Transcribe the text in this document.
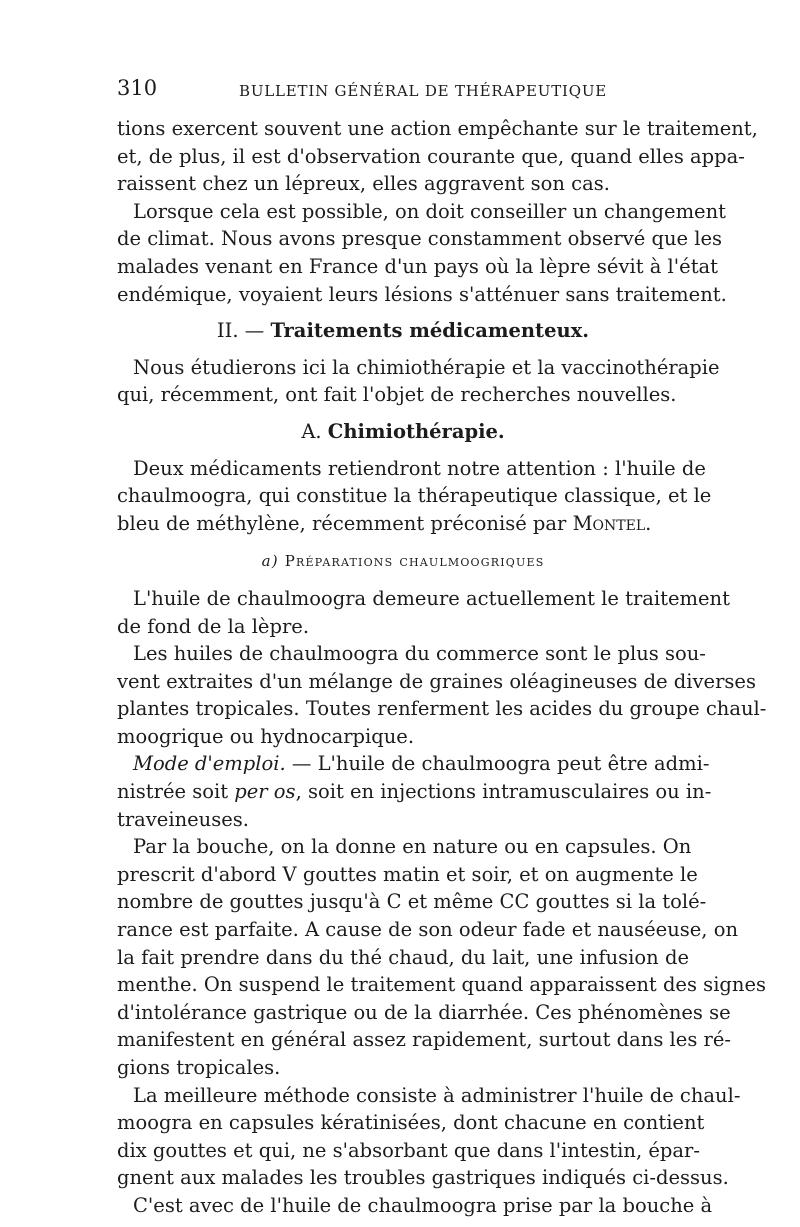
310	BULLETIN GÉNÉRAL DE THÉRAPEUTIQUE
tions exercent souvent une action empêchante sur le traitement,
et, de plus, il est d'observation courante que, quand elles appa-
raissent chez un lépreux, elles aggravent son cas.
Lorsque cela est possible, on doit conseiller un changement
de climat. Nous avons presque constamment observé que les
malades venant en France d'un pays où la lèpre sévit à l'état
endémique, voyaient leurs lésions s'atténuer sans traitement.
II. — Traitements médicamenteux.
Nous étudierons ici la chimiothérapie et la vaccinothérapie
qui, récemment, ont fait l'objet de recherches nouvelles.
A. Chimiothérapie.
Deux médicaments retiendront notre attention : l'huile de
chaulmoogra, qui constitue la thérapeutique classique, et le
bleu de méthylène, récemment préconisé par Montel.
a) Préparations chaulmoogriques
L'huile de chaulmoogra demeure actuellement le traitement
de fond de la lèpre.
Les huiles de chaulmoogra du commerce sont le plus sou-
vent extraites d'un mélange de graines oléagineuses de diverses
plantes tropicales. Toutes renferment les acides du groupe chaul-
moogrique ou hydnocarpique.
Mode d'emploi. — L'huile de chaulmoogra peut être admi-
nistrée soit per os, soit en injections intramusculaires ou in-
traveineuses.
Par la bouche, on la donne en nature ou en capsules. On
prescrit d'abord V gouttes matin et soir, et on augmente le
nombre de gouttes jusqu'à C et même CC gouttes si la tolé-
rance est parfaite. A cause de son odeur fade et nauséeuse, on
la fait prendre dans du thé chaud, du lait, une infusion de
menthe. On suspend le traitement quand apparaissent des signes
d'intolérance gastrique ou de la diarrhée. Ces phénomènes se
manifestent en général assez rapidement, surtout dans les ré-
gions tropicales.
La meilleure méthode consiste à administrer l'huile de chaul-
moogra en capsules kératinisées, dont chacune en contient
dix gouttes et qui, ne s'absorbant que dans l'intestin, épar-
gnent aux malades les troubles gastriques indiqués ci-dessus.
C'est avec de l'huile de chaulmoogra prise par la bouche à
